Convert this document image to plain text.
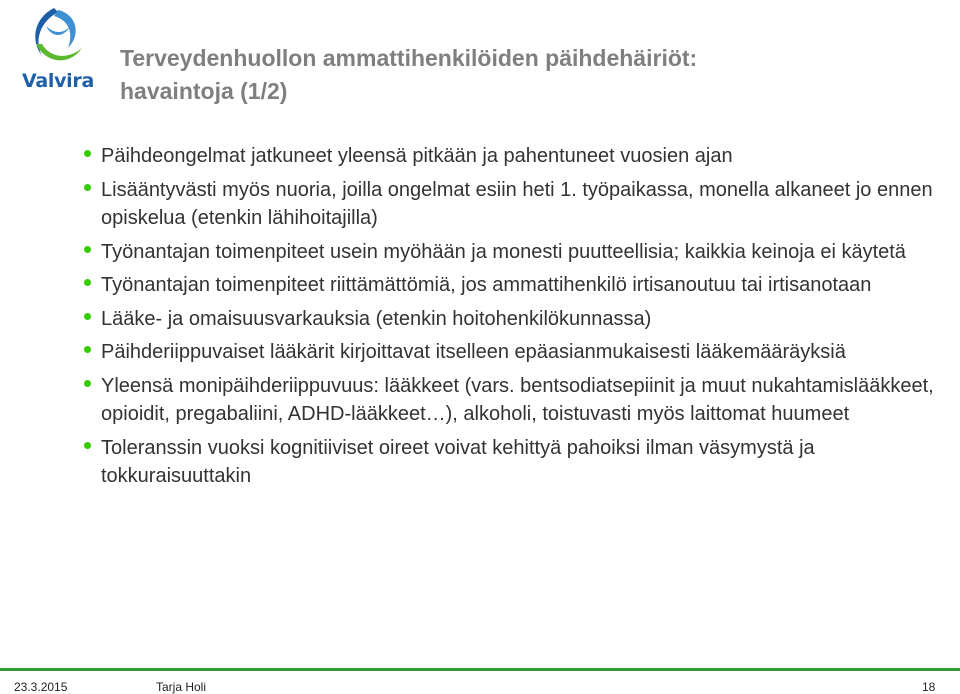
Valvira
Terveydenhuollon ammattihenkilöiden päihdehäiriöt:
havaintoja (1/2)
Päihdeongelmat jatkuneet yleensä pitkään ja pahentuneet vuosien ajan
Lisääntyvästi myös nuoria, joilla ongelmat esiin heti 1. työpaikassa, monella alkaneet jo ennen opiskelua (etenkin lähihoitajilla)
Työnantajan toimenpiteet usein myöhään ja monesti puutteellisia; kaikkia keinoja ei käytetä
Työnantajan toimenpiteet riittämättömiä, jos ammattihenkilö irtisanoutuu tai irtisanotaan
Lääke- ja omaisuusvarkauksia (etenkin hoitohenkilökunnassa)
Päihderiippuvaiset lääkärit kirjoittavat itselleen epäasianmukaisesti lääkemääräyksiä
Yleensä monipäihderiippuvuus: lääkkeet (vars. bentsodiatsepiinit ja muut nukahtamislääkkeet, opioidit, pregabaliini, ADHD-lääkkeet…), alkoholi, toistuvasti myös laittomat huumeet
Toleranssin vuoksi kognitiiviset oireet voivat kehittyä pahoiksi ilman väsymystä ja tokkuraisuuttakin
23.3.2015	Tarja Holi	18
